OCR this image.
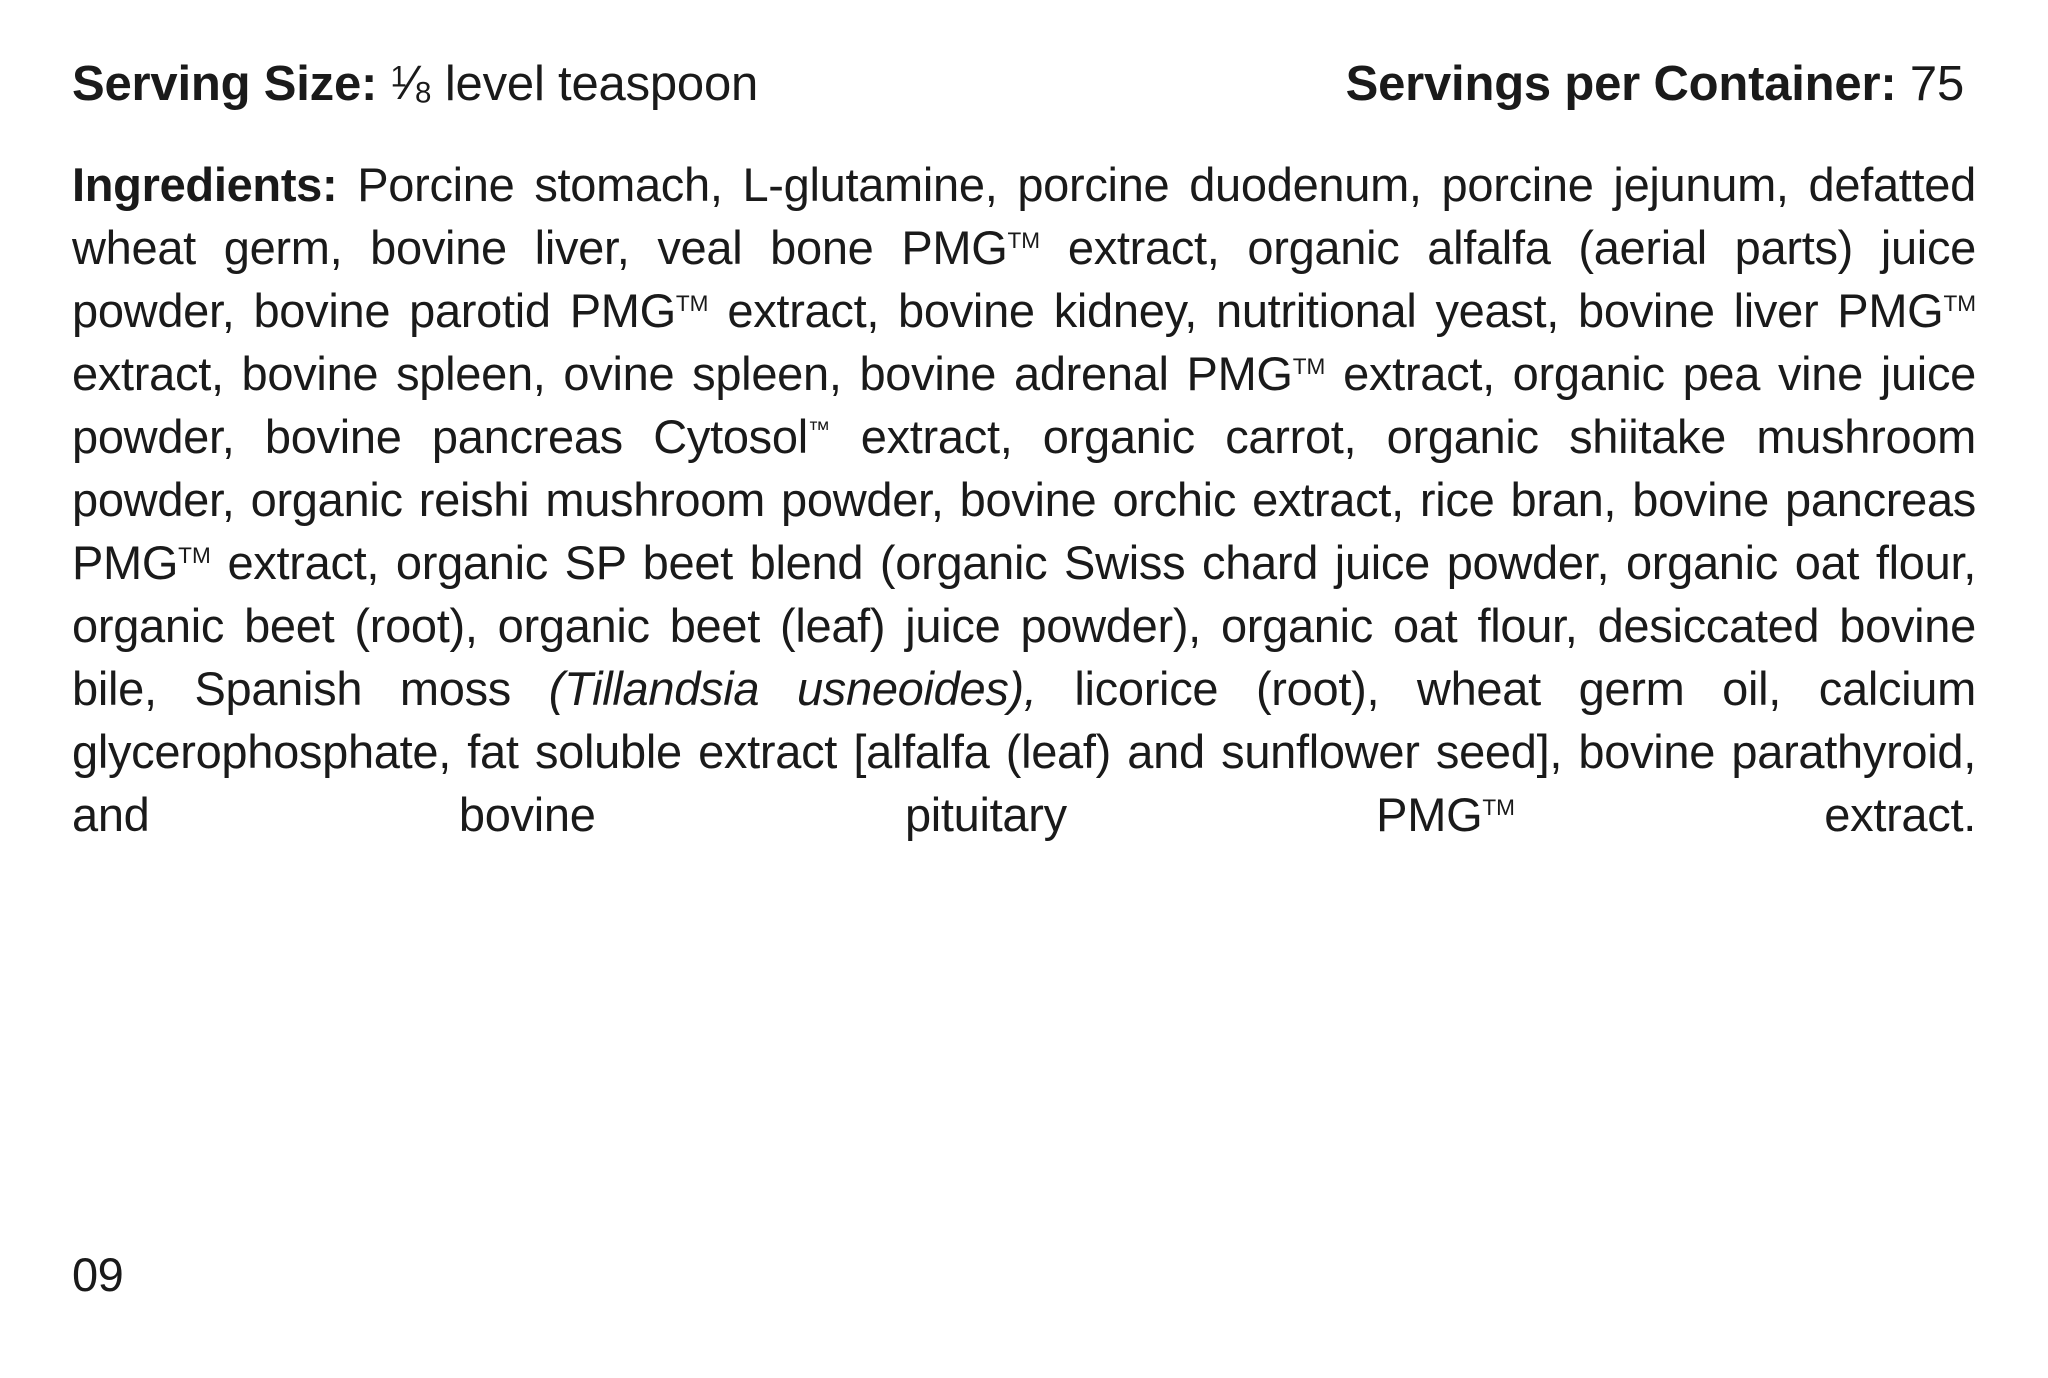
Serving Size: $^1⁄_8$ level teaspoon	Servings per Container: 75
Ingredients: Porcine stomach, L-glutamine, porcine duodenum, porcine jejunum, defatted wheat germ, bovine liver, veal bone PMG™ extract, organic alfalfa (aerial parts) juice powder, bovine parotid PMG™ extract, bovine kidney, nutritional yeast, bovine liver PMG™ extract, bovine spleen, ovine spleen, bovine adrenal PMG™ extract, organic pea vine juice powder, bovine pancreas Cytosol™ extract, organic carrot, organic shiitake mushroom powder, organic reishi mushroom powder, bovine orchic extract, rice bran, bovine pancreas PMG™ extract, organic SP beet blend (organic Swiss chard juice powder, organic oat flour, organic beet (root), organic beet (leaf) juice powder), organic oat flour, desiccated bovine bile, Spanish moss (Tillandsia usneoides), licorice (root), wheat germ oil, calcium glycerophosphate, fat soluble extract [alfalfa (leaf) and sunflower seed], bovine parathyroid, and bovine pituitary PMG™	extract.
09
